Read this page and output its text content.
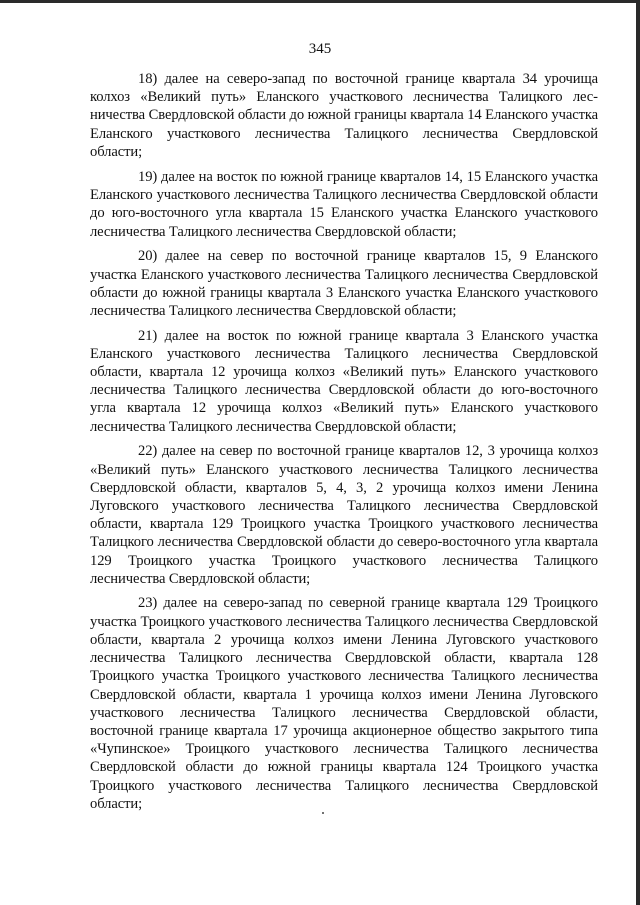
345

18) далее на северо-запад по восточной границе квартала 34 урочища колхоз «Великий путь» Еланского участкового лесничества Талицкого лесничества Свердловской области до южной границы квартала 14 Еланского участка Еланского участкового лесничества Талицкого лесничества Свердловской области;

19) далее на восток по южной границе кварталов 14, 15 Еланского участка Еланского участкового лесничества Талицкого лесничества Свердловской области до юго-восточного угла квартала 15 Еланского участка Еланского участкового лесничества Талицкого лесничества Свердловской области;

20) далее на север по восточной границе кварталов 15, 9 Еланского участка Еланского участкового лесничества Талицкого лесничества Свердловской области до южной границы квартала 3 Еланского участка Еланского участкового лесничества Талицкого лесничества Свердловской области;

21) далее на восток по южной границе квартала 3 Еланского участка Еланского участкового лесничества Талицкого лесничества Свердловской области, квартала 12 урочища колхоз «Великий путь» Еланского участкового лесничества Талицкого лесничества Свердловской области до юго-восточного угла квартала 12 урочища колхоз «Великий путь» Еланского участкового лесничества Талицкого лесничества Свердловской области;

22) далее на север по восточной границе кварталов 12, 3 урочища колхоз «Великий путь» Еланского участкового лесничества Талицкого лесничества Свердловской области, кварталов 5, 4, 3, 2 урочища колхоз имени Ленина Луговского участкового лесничества Талицкого лесничества Свердловской области, квартала 129 Троицкого участка Троицкого участкового лесничества Талицкого лесничества Свердловской области до северо-восточного угла квартала 129 Троицкого участка Троицкого участкового лесничества Талицкого лесничества Свердловской области;

23) далее на северо-запад по северной границе квартала 129 Троицкого участка Троицкого участкового лесничества Талицкого лесничества Свердловской области, квартала 2 урочища колхоз имени Ленина Луговского участкового лесничества Талицкого лесничества Свердловской области, квартала 128 Троицкого участка Троицкого участкового лесничества Талицкого лесничества Свердловской области, квартала 1 урочища колхоз имени Ленина Луговского участкового лесничества Талицкого лесничества Свердловской области, восточной границе квартала 17 урочища акционерное общество закрытого типа «Чупинское» Троицкого участкового лесничества Талицкого лесничества Свердловской области до южной границы квартала 124 Троицкого участка Троицкого участкового лесничества Талицкого лесничества Свердловской области;
